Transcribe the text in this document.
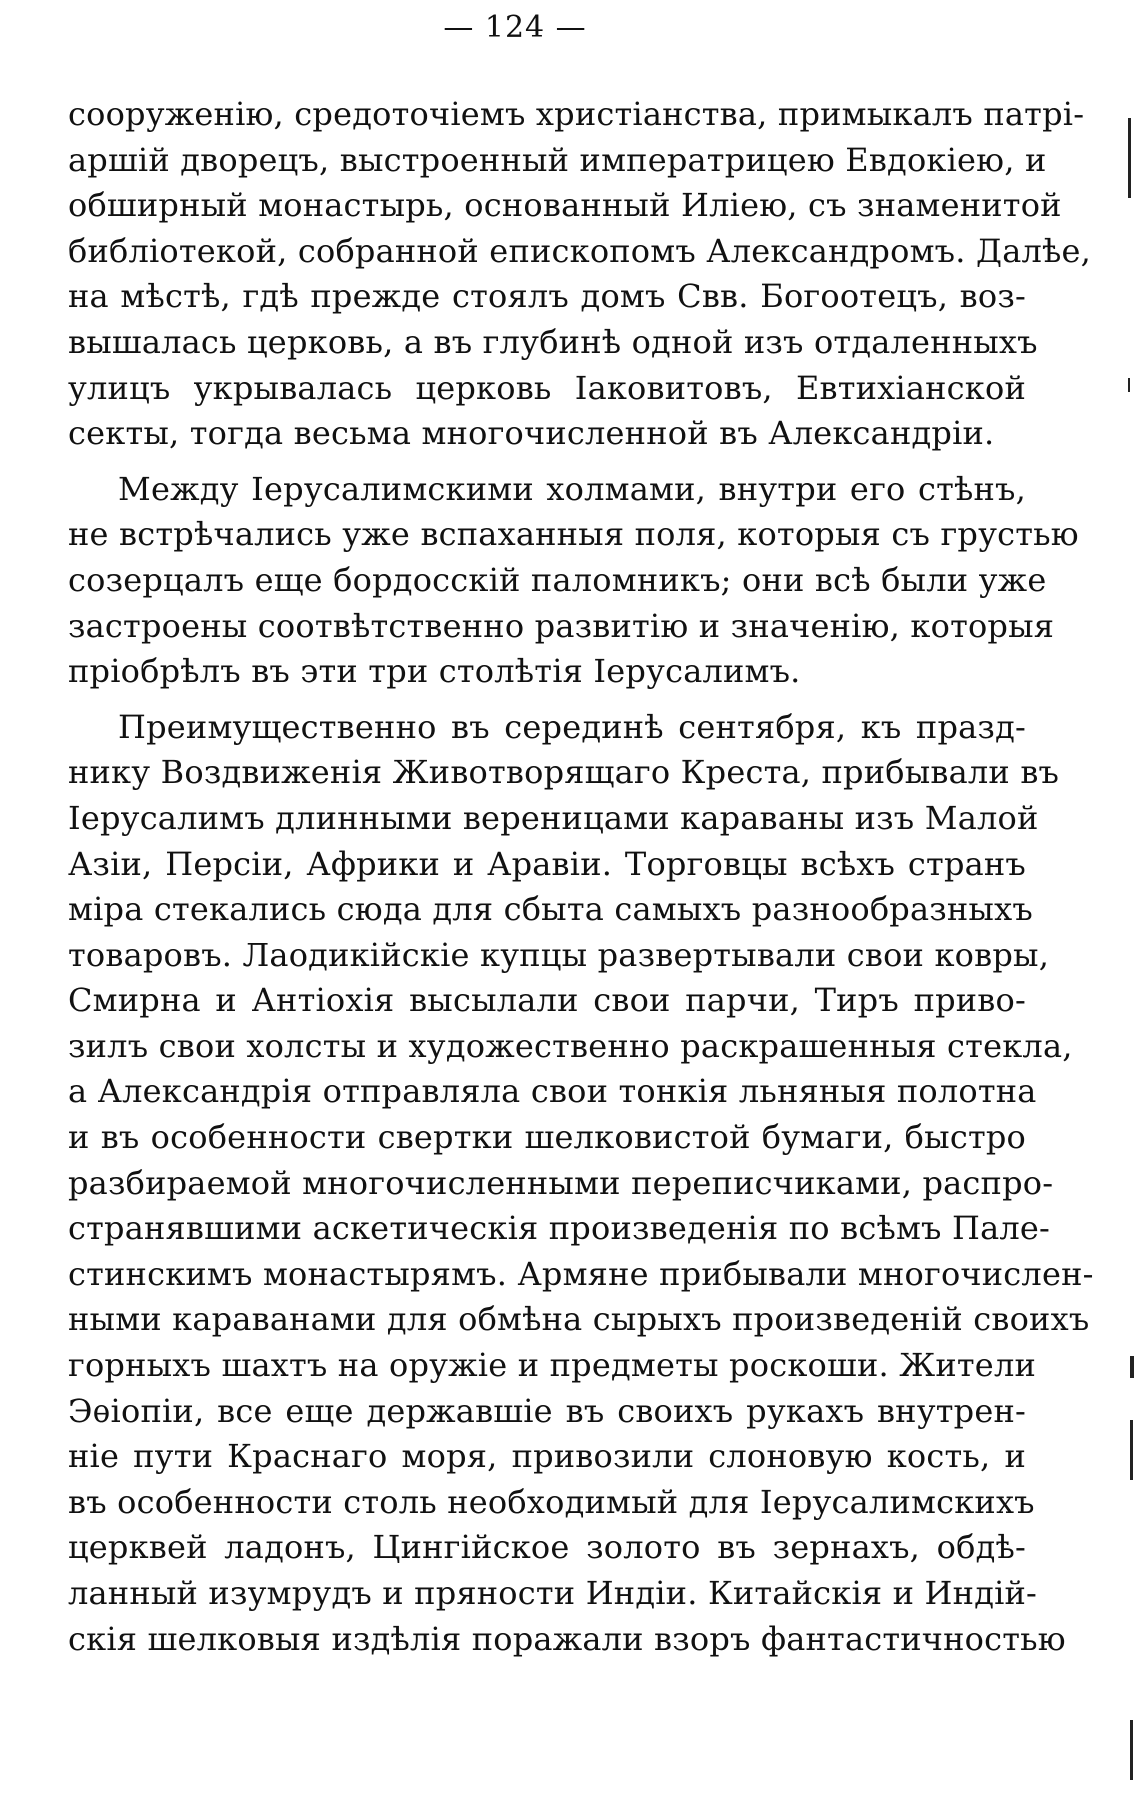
— 124 —
сооруженію, средоточіемъ христіанства, примыкалъ патрі-
аршій дворецъ, выстроенный императрицею Евдокіею, и
обширный монастырь, основанный Иліею, съ знаменитой
библіотекой, собранной епископомъ Александромъ. Далѣе,
на мѣстѣ, гдѣ прежде стоялъ домъ Свв. Богоотецъ, воз-
вышалась церковь, а въ глубинѣ одной изъ отдаленныхъ
улицъ укрывалась церковь Іаковитовъ, Евтихіанской
секты, тогда весьма многочисленной въ Александріи.
Между Іерусалимскими холмами, внутри его стѣнъ,
не встрѣчались уже вспаханныя поля, которыя съ грустью
созерцалъ еще бордосскій паломникъ; они всѣ были уже
застроены соотвѣтственно развитію и значенію, которыя
пріобрѣлъ въ эти три столѣтія Іерусалимъ.
Преимущественно въ серединѣ сентября, къ празд-
нику Воздвиженія Животворящаго Креста, прибывали въ
Іерусалимъ длинными вереницами караваны изъ Малой
Азіи, Персіи, Африки и Аравіи. Торговцы всѣхъ странъ
міра стекались сюда для сбыта самыхъ разнообразныхъ
товаровъ. Лаодикійскіе купцы развертывали свои ковры,
Смирна и Антіохія высылали свои парчи, Тиръ приво-
зилъ свои холсты и художественно раскрашенныя стекла,
а Александрія отправляла свои тонкія льняныя полотна
и въ особенности свертки шелковистой бумаги, быстро
разбираемой многочисленными переписчиками, распро-
странявшими аскетическія произведенія по всѣмъ Пале-
стинскимъ монастырямъ. Армяне прибывали многочислен-
ными караванами для обмѣна сырыхъ произведеній своихъ
горныхъ шахтъ на оружіе и предметы роскоши. Жители
Эѳіопіи, все еще державшіе въ своихъ рукахъ внутрен-
ніе пути Краснаго моря, привозили слоновую кость, и
въ особенности столь необходимый для Іерусалимскихъ
церквей ладонъ, Цингійское золото въ зернахъ, обдѣ-
ланный изумрудъ и пряности Индіи. Китайскія и Индій-
скія шелковыя издѣлія поражали взоръ фантастичностью
